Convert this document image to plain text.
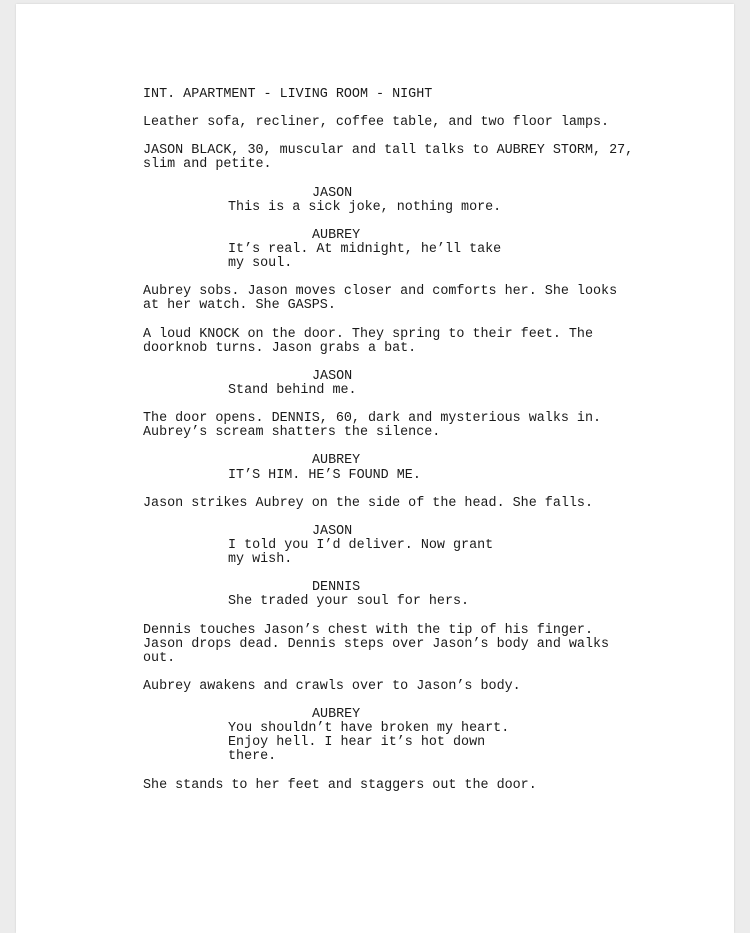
INT. APARTMENT - LIVING ROOM - NIGHT
Leather sofa, recliner, coffee table, and two floor lamps.
JASON BLACK, 30, muscular and tall talks to AUBREY STORM, 27,
slim and petite.
JASON
This is a sick joke, nothing more.
AUBREY
It’s real. At midnight, he’ll take
my soul.
Aubrey sobs. Jason moves closer and comforts her. She looks
at her watch. She GASPS.
A loud KNOCK on the door. They spring to their feet. The
doorknob turns. Jason grabs a bat.
JASON
Stand behind me.
The door opens. DENNIS, 60, dark and mysterious walks in.
Aubrey’s scream shatters the silence.
AUBREY
IT’S HIM. HE’S FOUND ME.
Jason strikes Aubrey on the side of the head. She falls.
JASON
I told you I’d deliver. Now grant
my wish.
DENNIS
She traded your soul for hers.
Dennis touches Jason’s chest with the tip of his finger.
Jason drops dead. Dennis steps over Jason’s body and walks
out.
Aubrey awakens and crawls over to Jason’s body.
AUBREY
You shouldn’t have broken my heart.
Enjoy hell. I hear it’s hot down
there.
She stands to her feet and staggers out the door.
